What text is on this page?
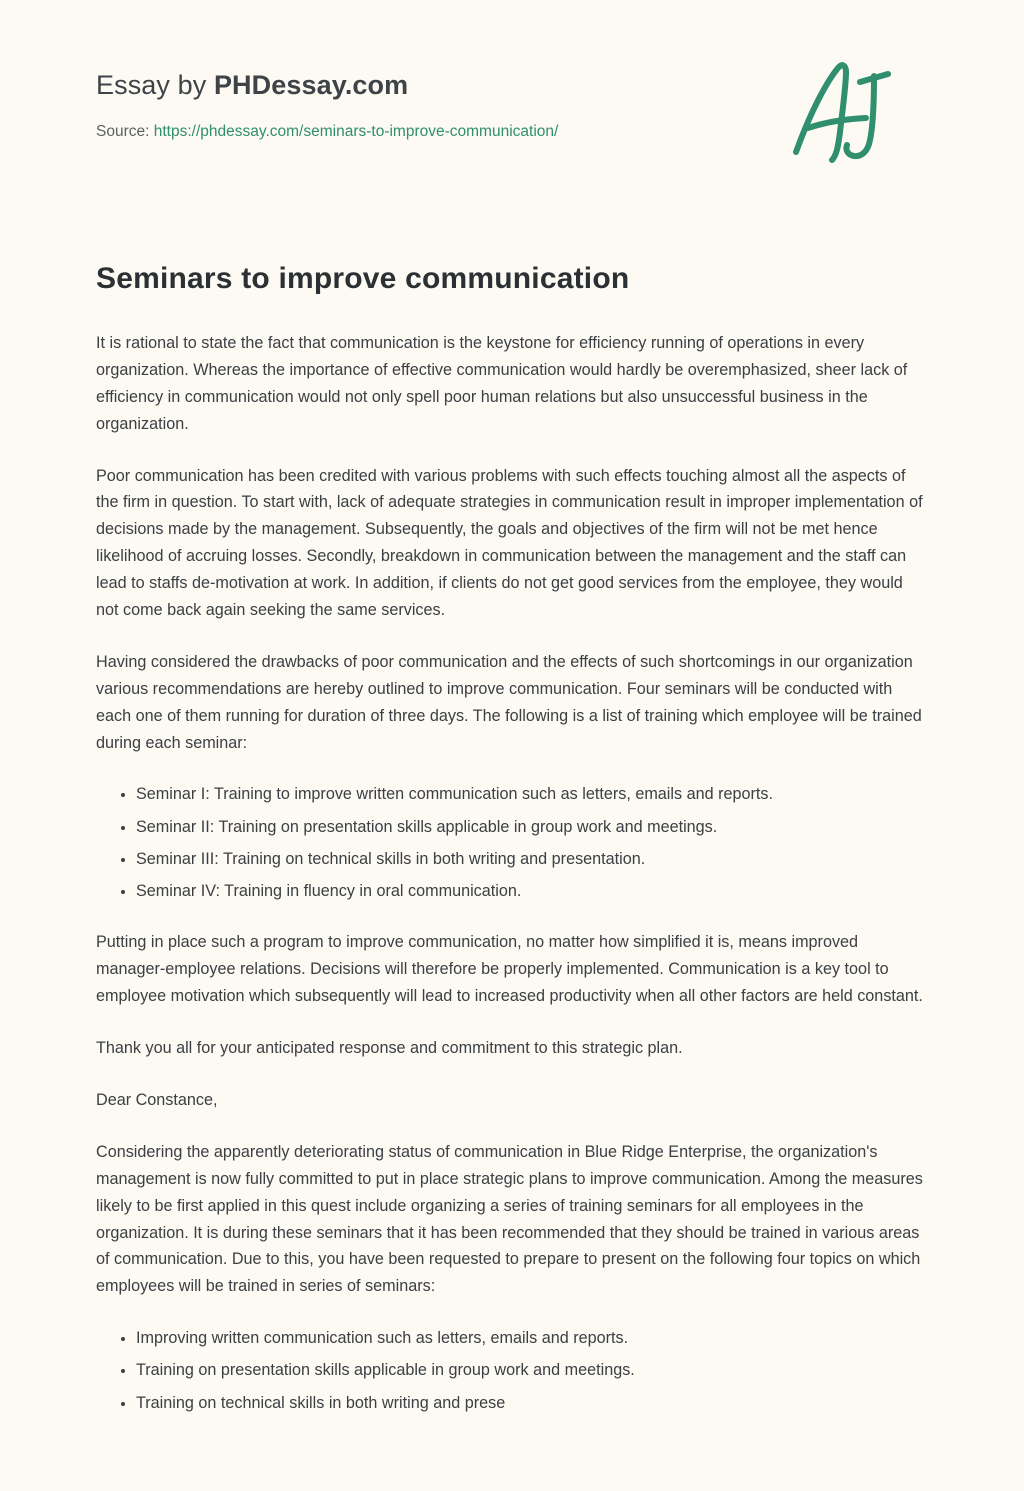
Essay by PHDessay.com
Source: https://phdessay.com/seminars-to-improve-communication/
Seminars to improve communication

It is rational to state the fact that communication is the keystone for efficiency running of operations in every organization. Whereas the importance of effective communication would hardly be overemphasized, sheer lack of efficiency in communication would not only spell poor human relations but also unsuccessful business in the organization.

Poor communication has been credited with various problems with such effects touching almost all the aspects of the firm in question. To start with, lack of adequate strategies in communication result in improper implementation of decisions made by the management. Subsequently, the goals and objectives of the firm will not be met hence likelihood of accruing losses. Secondly, breakdown in communication between the management and the staff can lead to staffs de-motivation at work. In addition, if clients do not get good services from the employee, they would not come back again seeking the same services.

Having considered the drawbacks of poor communication and the effects of such shortcomings in our organization various recommendations are hereby outlined to improve communication. Four seminars will be conducted with each one of them running for duration of three days. The following is a list of training which employee will be trained during each seminar:

• Seminar I: Training to improve written communication such as letters, emails and reports.
• Seminar II: Training on presentation skills applicable in group work and meetings.
• Seminar III: Training on technical skills in both writing and presentation.
• Seminar IV: Training in fluency in oral communication.

Putting in place such a program to improve communication, no matter how simplified it is, means improved manager-employee relations. Decisions will therefore be properly implemented. Communication is a key tool to employee motivation which subsequently will lead to increased productivity when all other factors are held constant.

Thank you all for your anticipated response and commitment to this strategic plan.

Dear Constance,

Considering the apparently deteriorating status of communication in Blue Ridge Enterprise, the organization's management is now fully committed to put in place strategic plans to improve communication. Among the measures likely to be first applied in this quest include organizing a series of training seminars for all employees in the organization. It is during these seminars that it has been recommended that they should be trained in various areas of communication. Due to this, you have been requested to prepare to present on the following four topics on which employees will be trained in series of seminars:

• Improving written communication such as letters, emails and reports.
• Training on presentation skills applicable in group work and meetings.
• Training on technical skills in both writing and prese
